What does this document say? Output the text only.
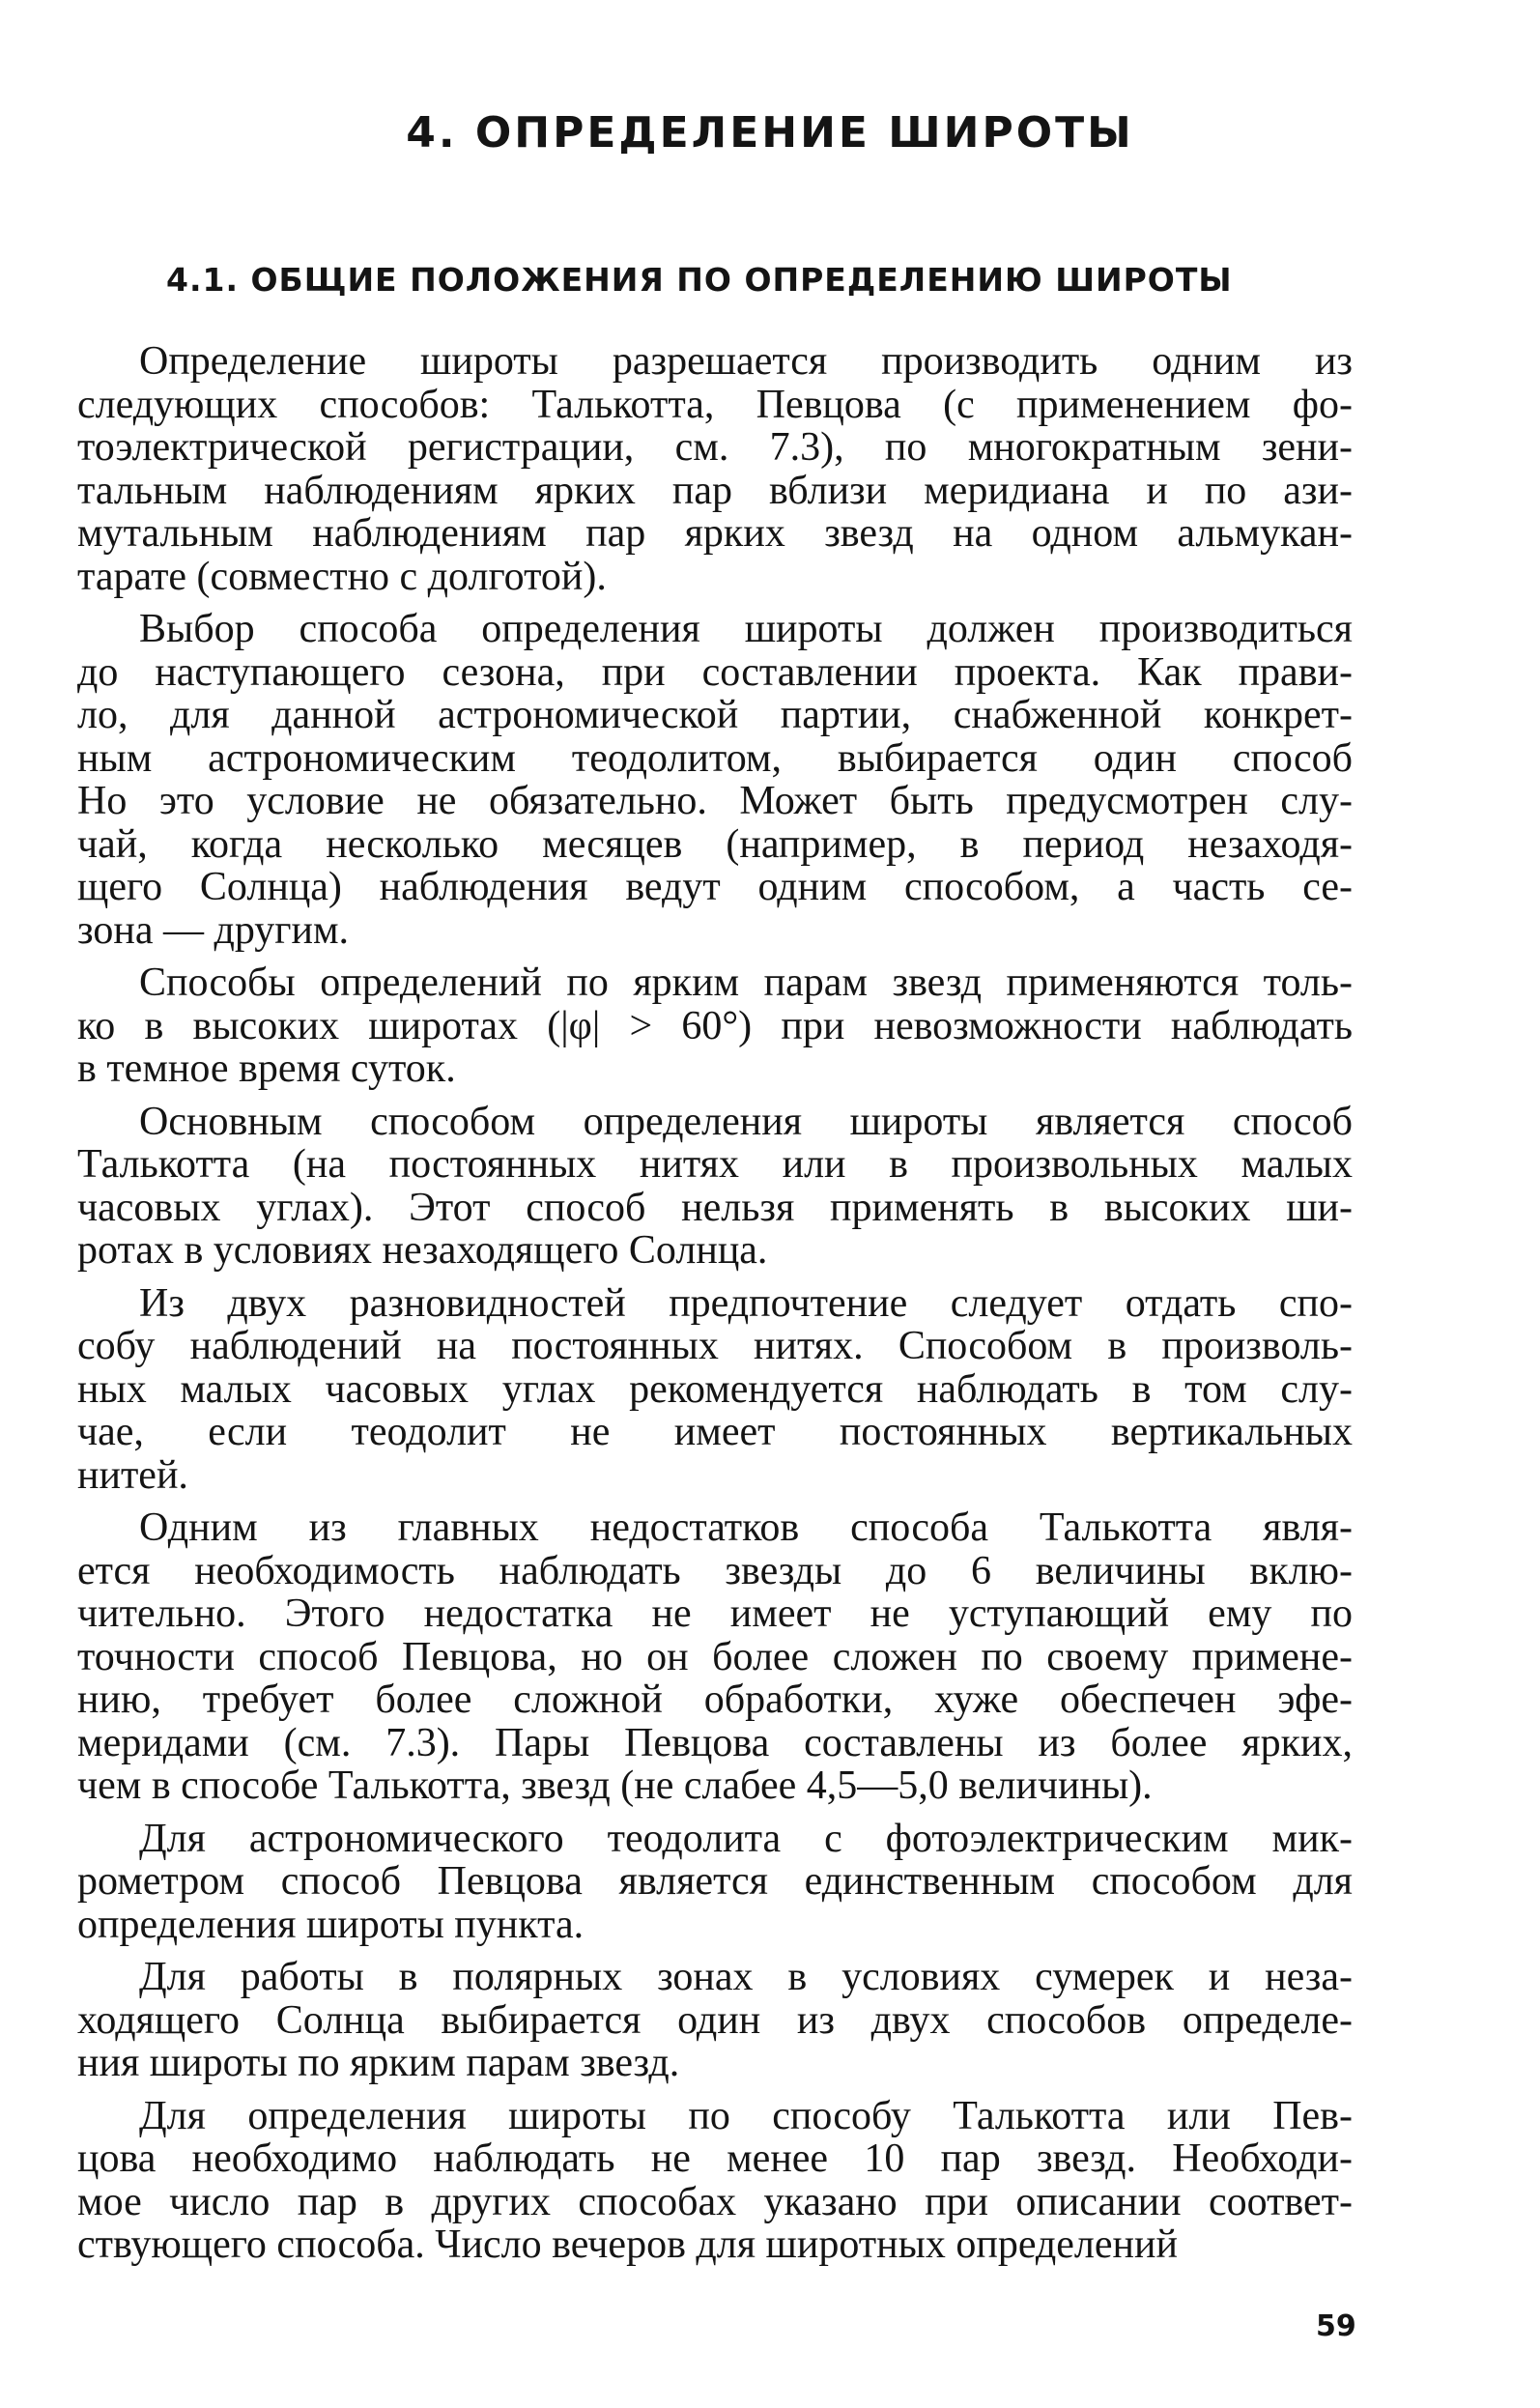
4. ОПРЕДЕЛЕНИЕ ШИРОТЫ
4.1. ОБЩИЕ ПОЛОЖЕНИЯ ПО ОПРЕДЕЛЕНИЮ ШИРОТЫ
Определение широты разрешается производить одним из
следующих способов: Талькотта, Певцова (с применением фо-
тоэлектрической регистрации, см. 7.3), по многократным зени-
тальным наблюдениям ярких пар вблизи меридиана и по ази-
мутальным наблюдениям пар ярких звезд на одном альмукан-
тарате (совместно с долготой).
Выбор способа определения широты должен производиться
до наступающего сезона, при составлении проекта. Как прави-
ло, для данной астрономической партии, снабженной конкрет-
ным астрономическим теодолитом, выбирается один способ
Но это условие не обязательно. Может быть предусмотрен слу-
чай, когда несколько месяцев (например, в период незаходя-
щего Солнца) наблюдения ведут одним способом, а часть се-
зона — другим.
Способы определений по ярким парам звезд применяются толь-
ко в высоких широтах (|φ| > 60°) при невозможности наблюдать
в темное время суток.
Основным способом определения широты является способ
Талькотта (на постоянных нитях или в произвольных малых
часовых углах). Этот способ нельзя применять в высоких ши-
ротах в условиях незаходящего Солнца.
Из двух разновидностей предпочтение следует отдать спо-
собу наблюдений на постоянных нитях. Способом в произволь-
ных малых часовых углах рекомендуется наблюдать в том слу-
чае, если теодолит не имеет постоянных вертикальных
нитей.
Одним из главных недостатков способа Талькотта явля-
ется необходимость наблюдать звезды до 6 величины вклю-
чительно. Этого недостатка не имеет не уступающий ему по
точности способ Певцова, но он более сложен по своему примене-
нию, требует более сложной обработки, хуже обеспечен эфе-
меридами (см. 7.3). Пары Певцова составлены из более ярких,
чем в способе Талькотта, звезд (не слабее 4,5—5,0 величины).
Для астрономического теодолита с фотоэлектрическим мик-
рометром способ Певцова является единственным способом для
определения широты пункта.
Для работы в полярных зонах в условиях сумерек и неза-
ходящего Солнца выбирается один из двух способов определе-
ния широты по ярким парам звезд.
Для определения широты по способу Талькотта или Пев-
цова необходимо наблюдать не менее 10 пар звезд. Необходи-
мое число пар в других способах указано при описании соответ-
ствующего способа. Число вечеров для широтных определений
59
